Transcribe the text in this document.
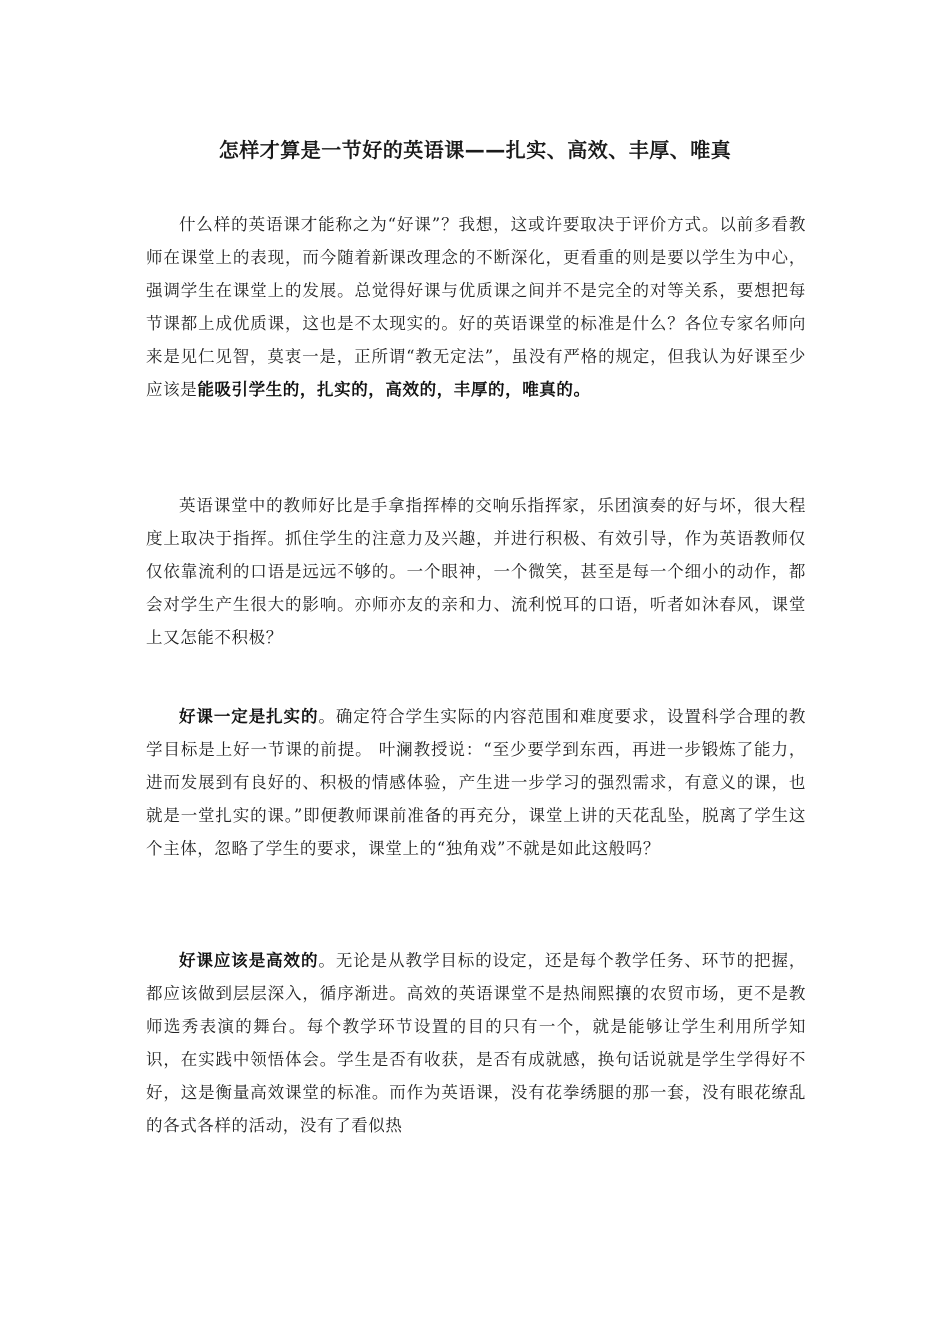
怎样才算是一节好的英语课——扎实、高效、丰厚、唯真

什么样的英语课才能称之为“好课”？我想，这或许要取决于评价方式。以前多看教师在课堂上的表现，而今随着新课改理念的不断深化，更看重的则是要以学生为中心，强调学生在课堂上的发展。总觉得好课与优质课之间并不是完全的对等关系，要想把每节课都上成优质课，这也是不太现实的。好的英语课堂的标准是什么？各位专家名师向来是见仁见智，莫衷一是，正所谓“教无定法”，虽没有严格的规定，但我认为好课至少应该是能吸引学生的，扎实的，高效的，丰厚的，唯真的。

英语课堂中的教师好比是手拿指挥棒的交响乐指挥家，乐团演奏的好与坏，很大程度上取决于指挥。抓住学生的注意力及兴趣，并进行积极、有效引导，作为英语教师仅仅依靠流利的口语是远远不够的。一个眼神，一个微笑，甚至是每一个细小的动作，都会对学生产生很大的影响。亦师亦友的亲和力、流利悦耳的口语，听者如沐春风，课堂上又怎能不积极？

好课一定是扎实的。确定符合学生实际的内容范围和难度要求，设置科学合理的教学目标是上好一节课的前提。 叶澜教授说：“至少要学到东西，再进一步锻炼了能力，进而发展到有良好的、积极的情感体验，产生进一步学习的强烈需求，有意义的课，也就是一堂扎实的课。”即便教师课前准备的再充分，课堂上讲的天花乱坠，脱离了学生这个主体，忽略了学生的要求，课堂上的“独角戏”不就是如此这般吗？

好课应该是高效的。无论是从教学目标的设定，还是每个教学任务、环节的把握，都应该做到层层深入，循序渐进。高效的英语课堂不是热闹熙攘的农贸市场，更不是教师选秀表演的舞台。每个教学环节设置的目的只有一个，就是能够让学生利用所学知识，在实践中领悟体会。学生是否有收获，是否有成就感，换句话说就是学生学得好不好，这是衡量高效课堂的标准。而作为英语课，没有花拳绣腿的那一套，没有眼花缭乱的各式各样的活动，没有了看似热
